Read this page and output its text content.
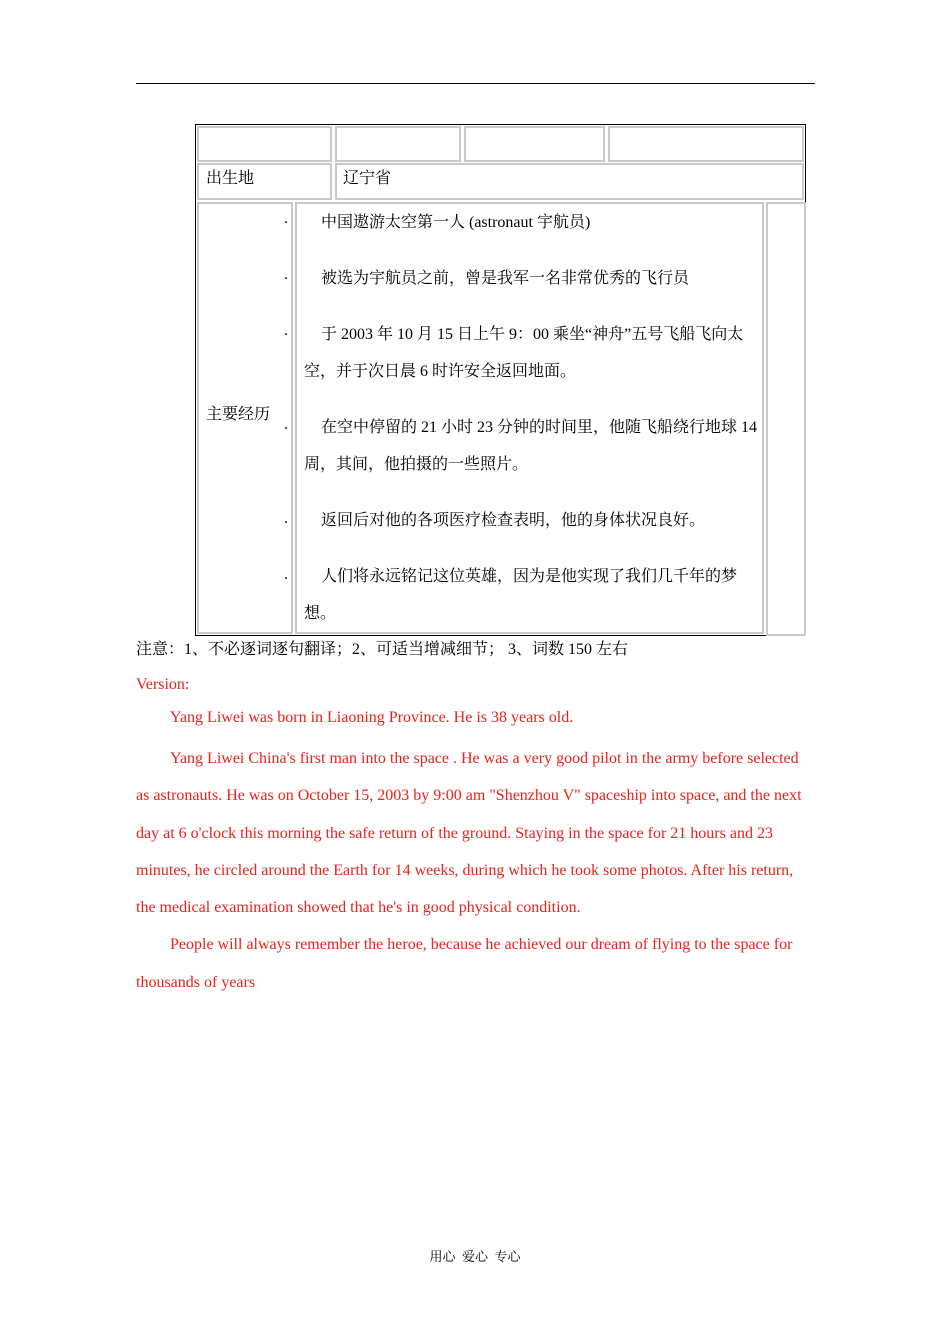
出生地	辽宁省
主要经历
.
.
.
.
.
.

中国遨游太空第一人 (astronaut 宇航员)

被选为宇航员之前，曾是我军一名非常优秀的飞行员

于 2003 年 10 月 15 日上午 9：00 乘坐“神舟”五号飞船飞向太空，并于次日晨 6 时许安全返回地面。

在空中停留的 21 小时 23 分钟的时间里，他随飞船绕行地球 14 周，其间，他拍摄的一些照片。

返回后对他的各项医疗检查表明，他的身体状况良好。

人们将永远铭记这位英雄，因为是他实现了我们几千年的梦想。

注意：1、不必逐词逐句翻译；2、可适当增减细节； 3、词数 150 左右
Version:

Yang Liwei was born in Liaoning Province. He is 38 years old.

Yang Liwei China's first man into the space . He was a very good pilot in the army before selected as astronauts. He was on October 15, 2003 by 9:00 am "Shenzhou V" spaceship into space, and the next day at 6 o'clock this morning the safe return of the ground. Staying in the space for 21 hours and 23 minutes, he circled around the Earth for 14 weeks, during which he took some photos. After his return, the medical examination showed that he's in good physical condition.

People will always remember the heroe, because he achieved our dream of flying to the space for thousands of years

用心  爱心  专心
